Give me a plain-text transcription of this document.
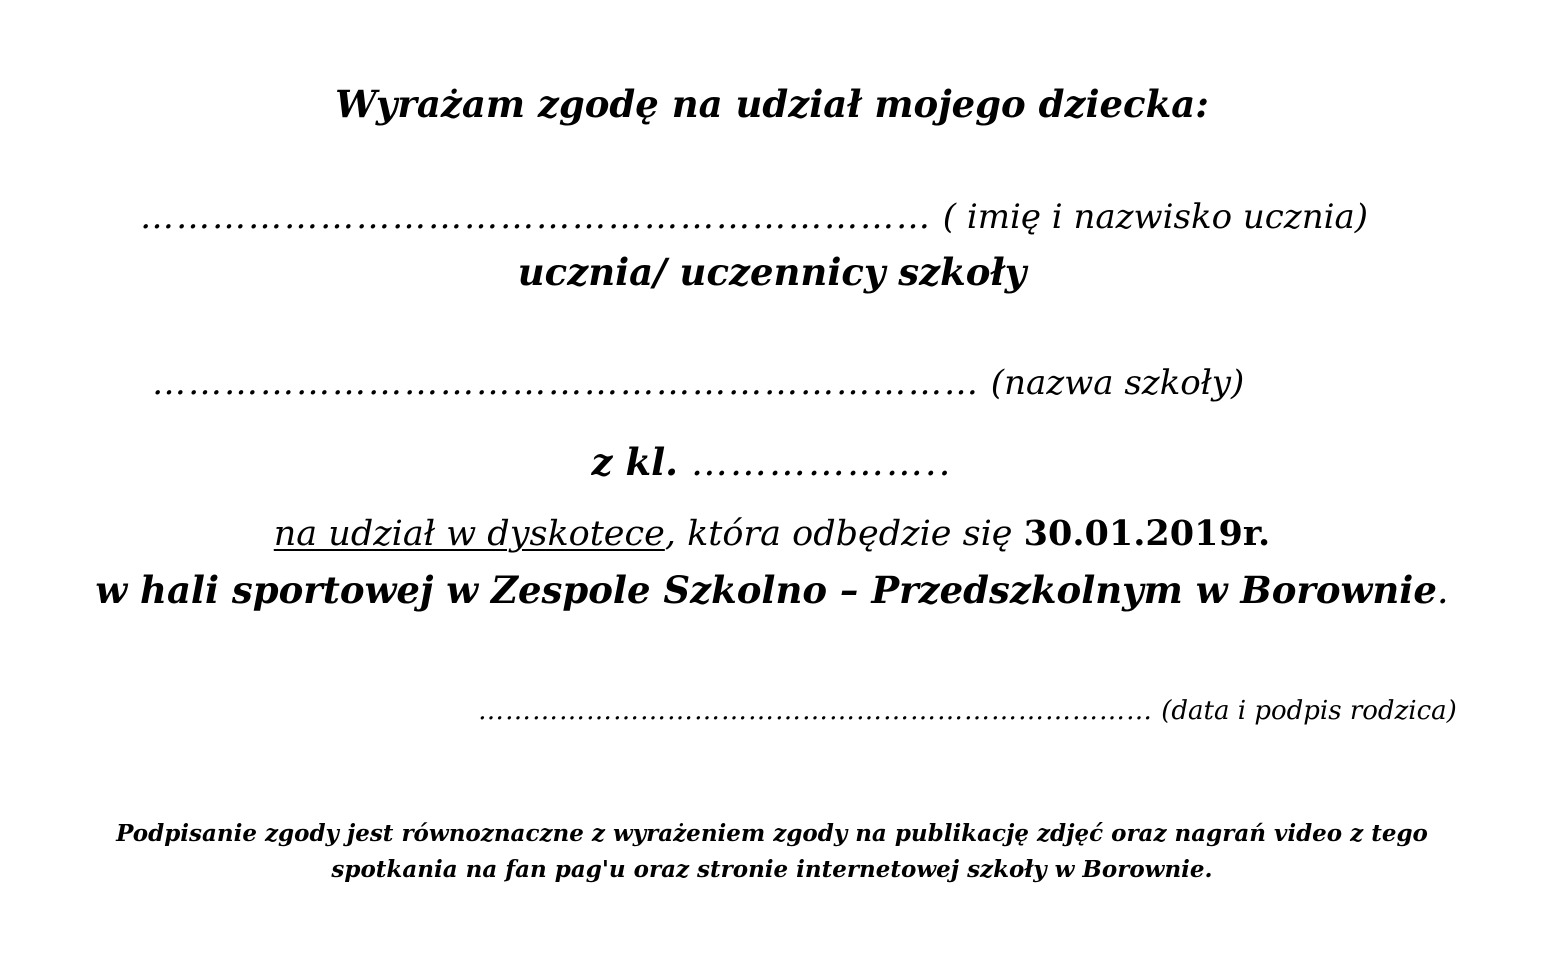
Wyrażam zgodę na udział mojego dziecka:
………………………………………………………… ( imię i nazwisko ucznia)
ucznia/ uczennicy szkoły
…………………………………………………………… (nazwa szkoły)
z kl. ………………..
na udział w dyskotece, która odbędzie się 30.01.2019r.
w hali sportowej w Zespole Szkolno – Przedszkolnym w Borownie.
………………………………………………………………… (data i podpis rodzica)
Podpisanie zgody jest równoznaczne z wyrażeniem zgody na publikację zdjęć oraz nagrań video z tego
spotkania na fan pag'u oraz stronie internetowej szkoły w Borownie.
